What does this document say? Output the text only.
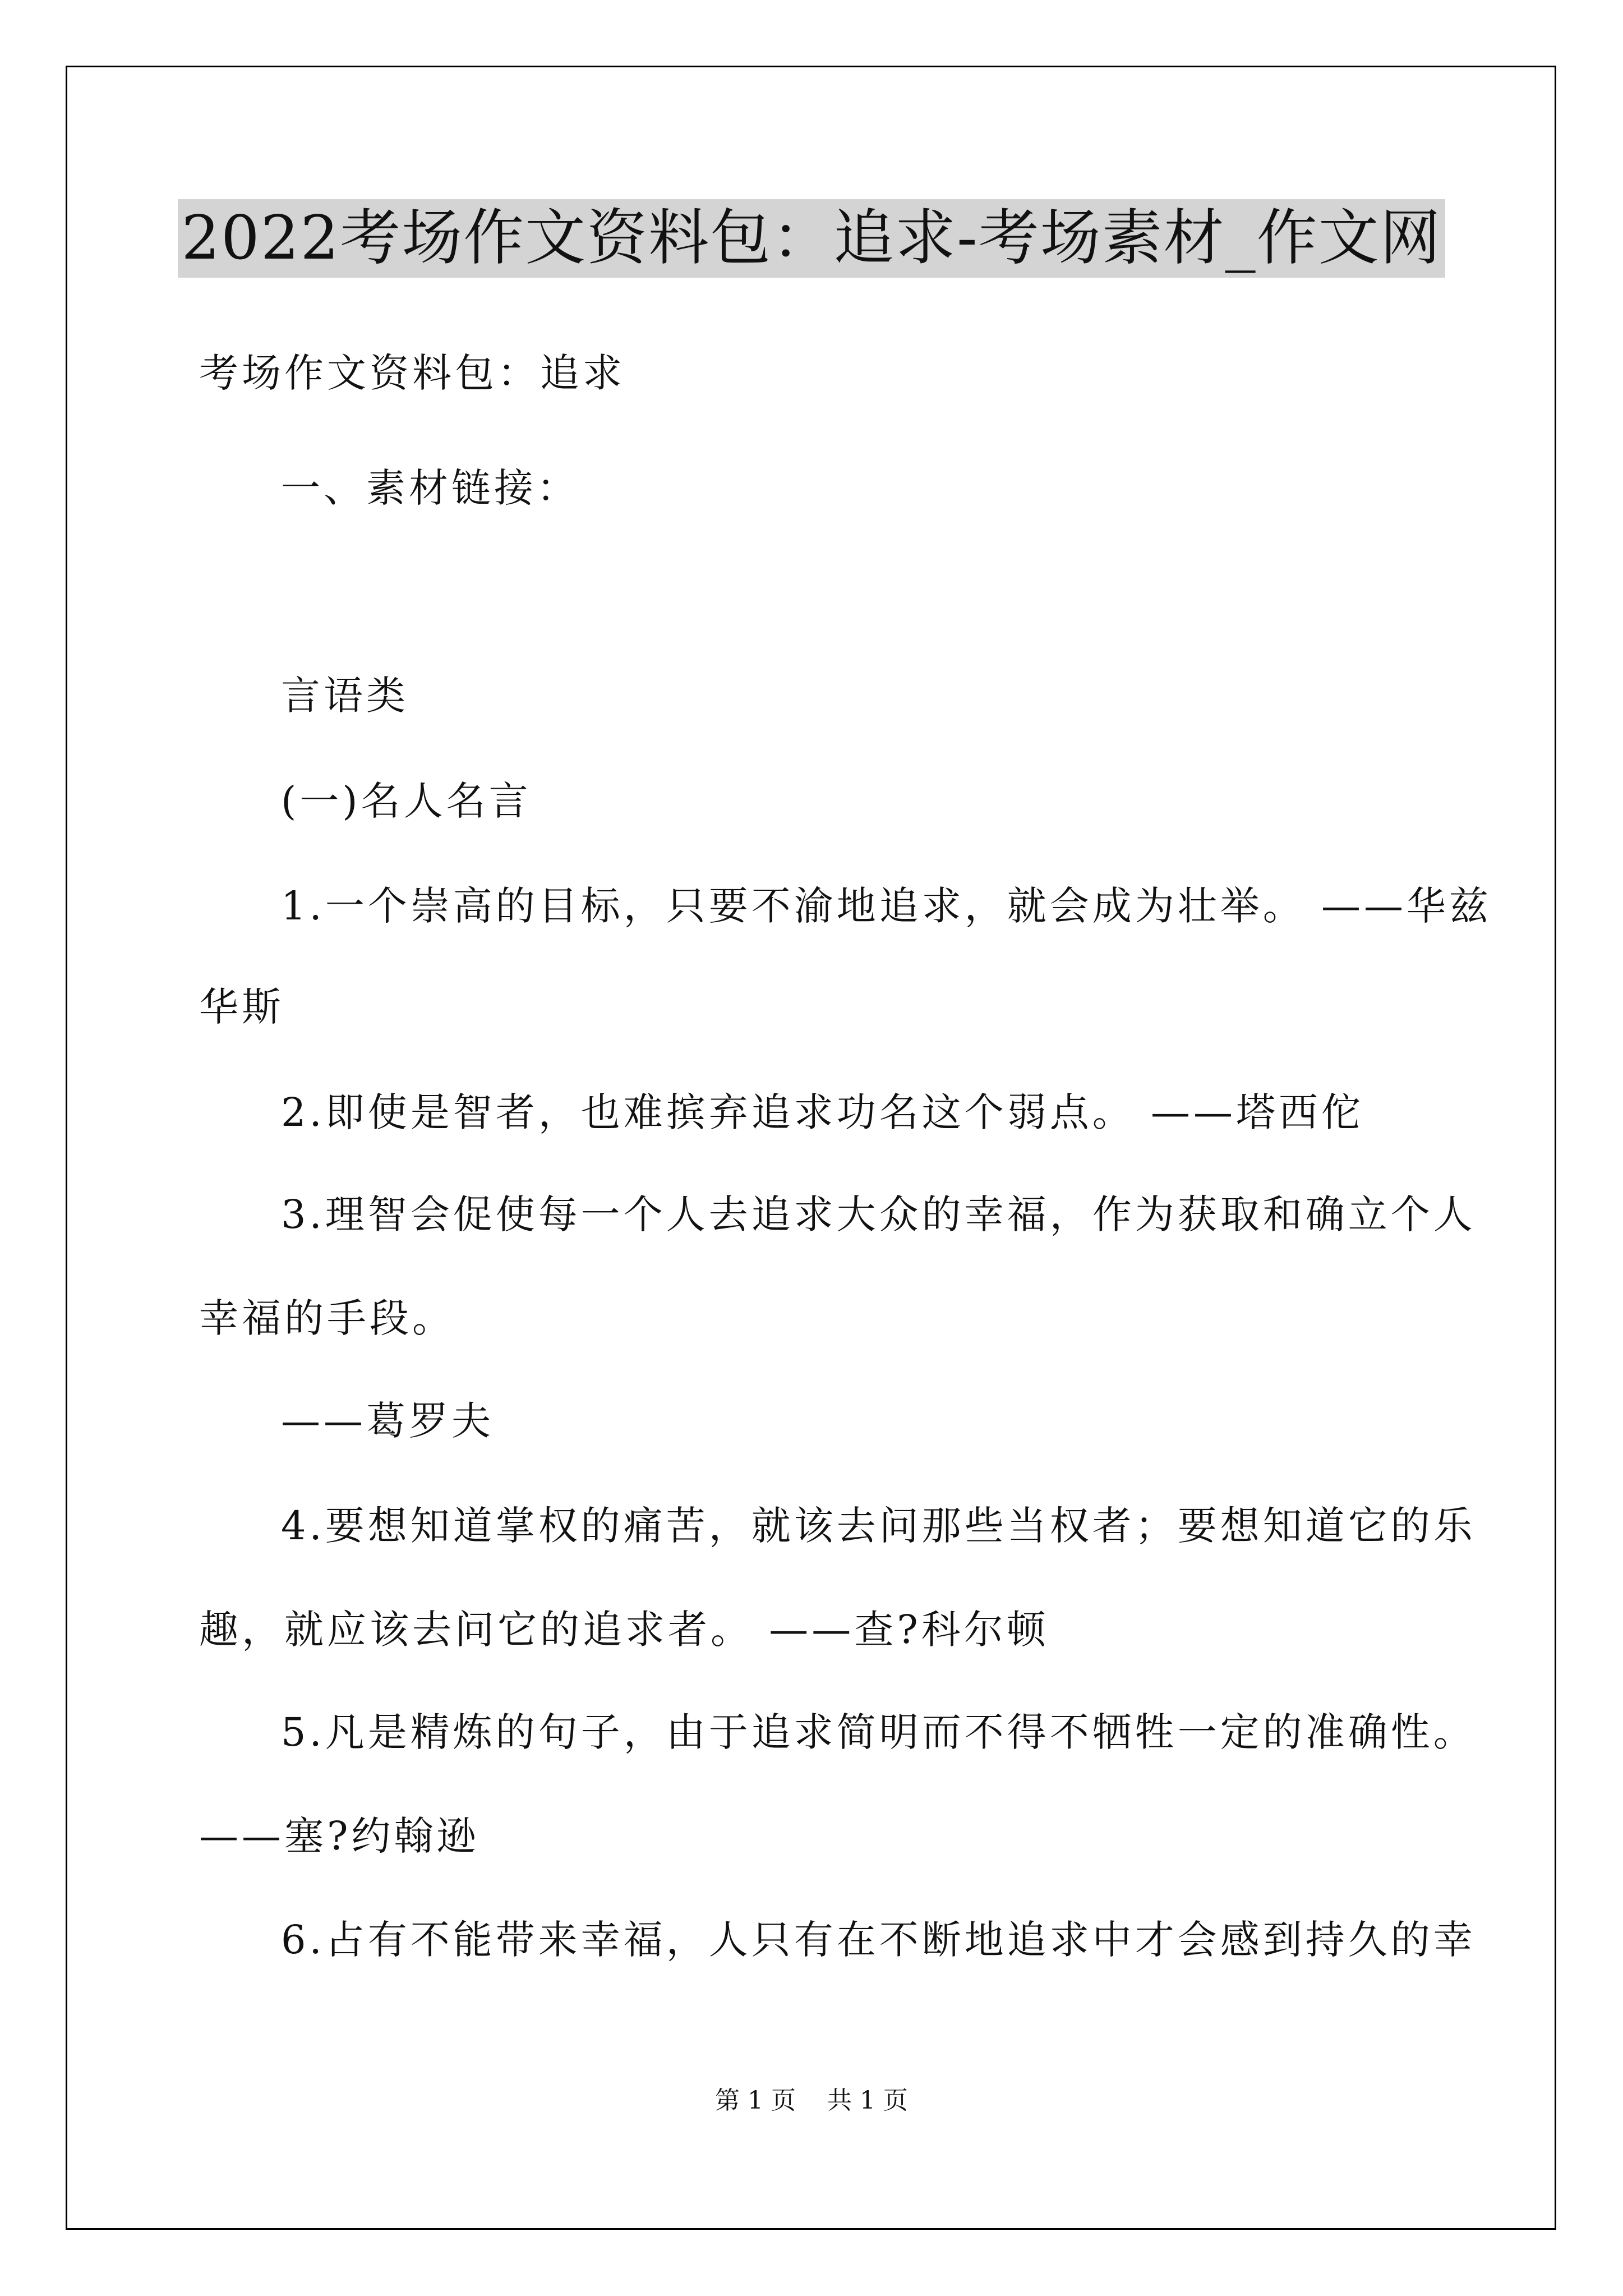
2022考场作文资料包：追求-考场素材_作文网
考场作文资料包：追求
一、素材链接：
言语类
(一)名人名言
1.一个崇高的目标，只要不渝地追求，就会成为壮举。 ——华兹
华斯
2.即使是智者，也难摈弃追求功名这个弱点。 ——塔西佗
3.理智会促使每一个人去追求大众的幸福，作为获取和确立个人
幸福的手段。
——葛罗夫
4.要想知道掌权的痛苦，就该去问那些当权者；要想知道它的乐
趣，就应该去问它的追求者。 ——查?科尔顿
5.凡是精炼的句子，由于追求简明而不得不牺牲一定的准确性。
——塞?约翰逊
6.占有不能带来幸福，人只有在不断地追求中才会感到持久的幸
第 1 页    共 1 页
